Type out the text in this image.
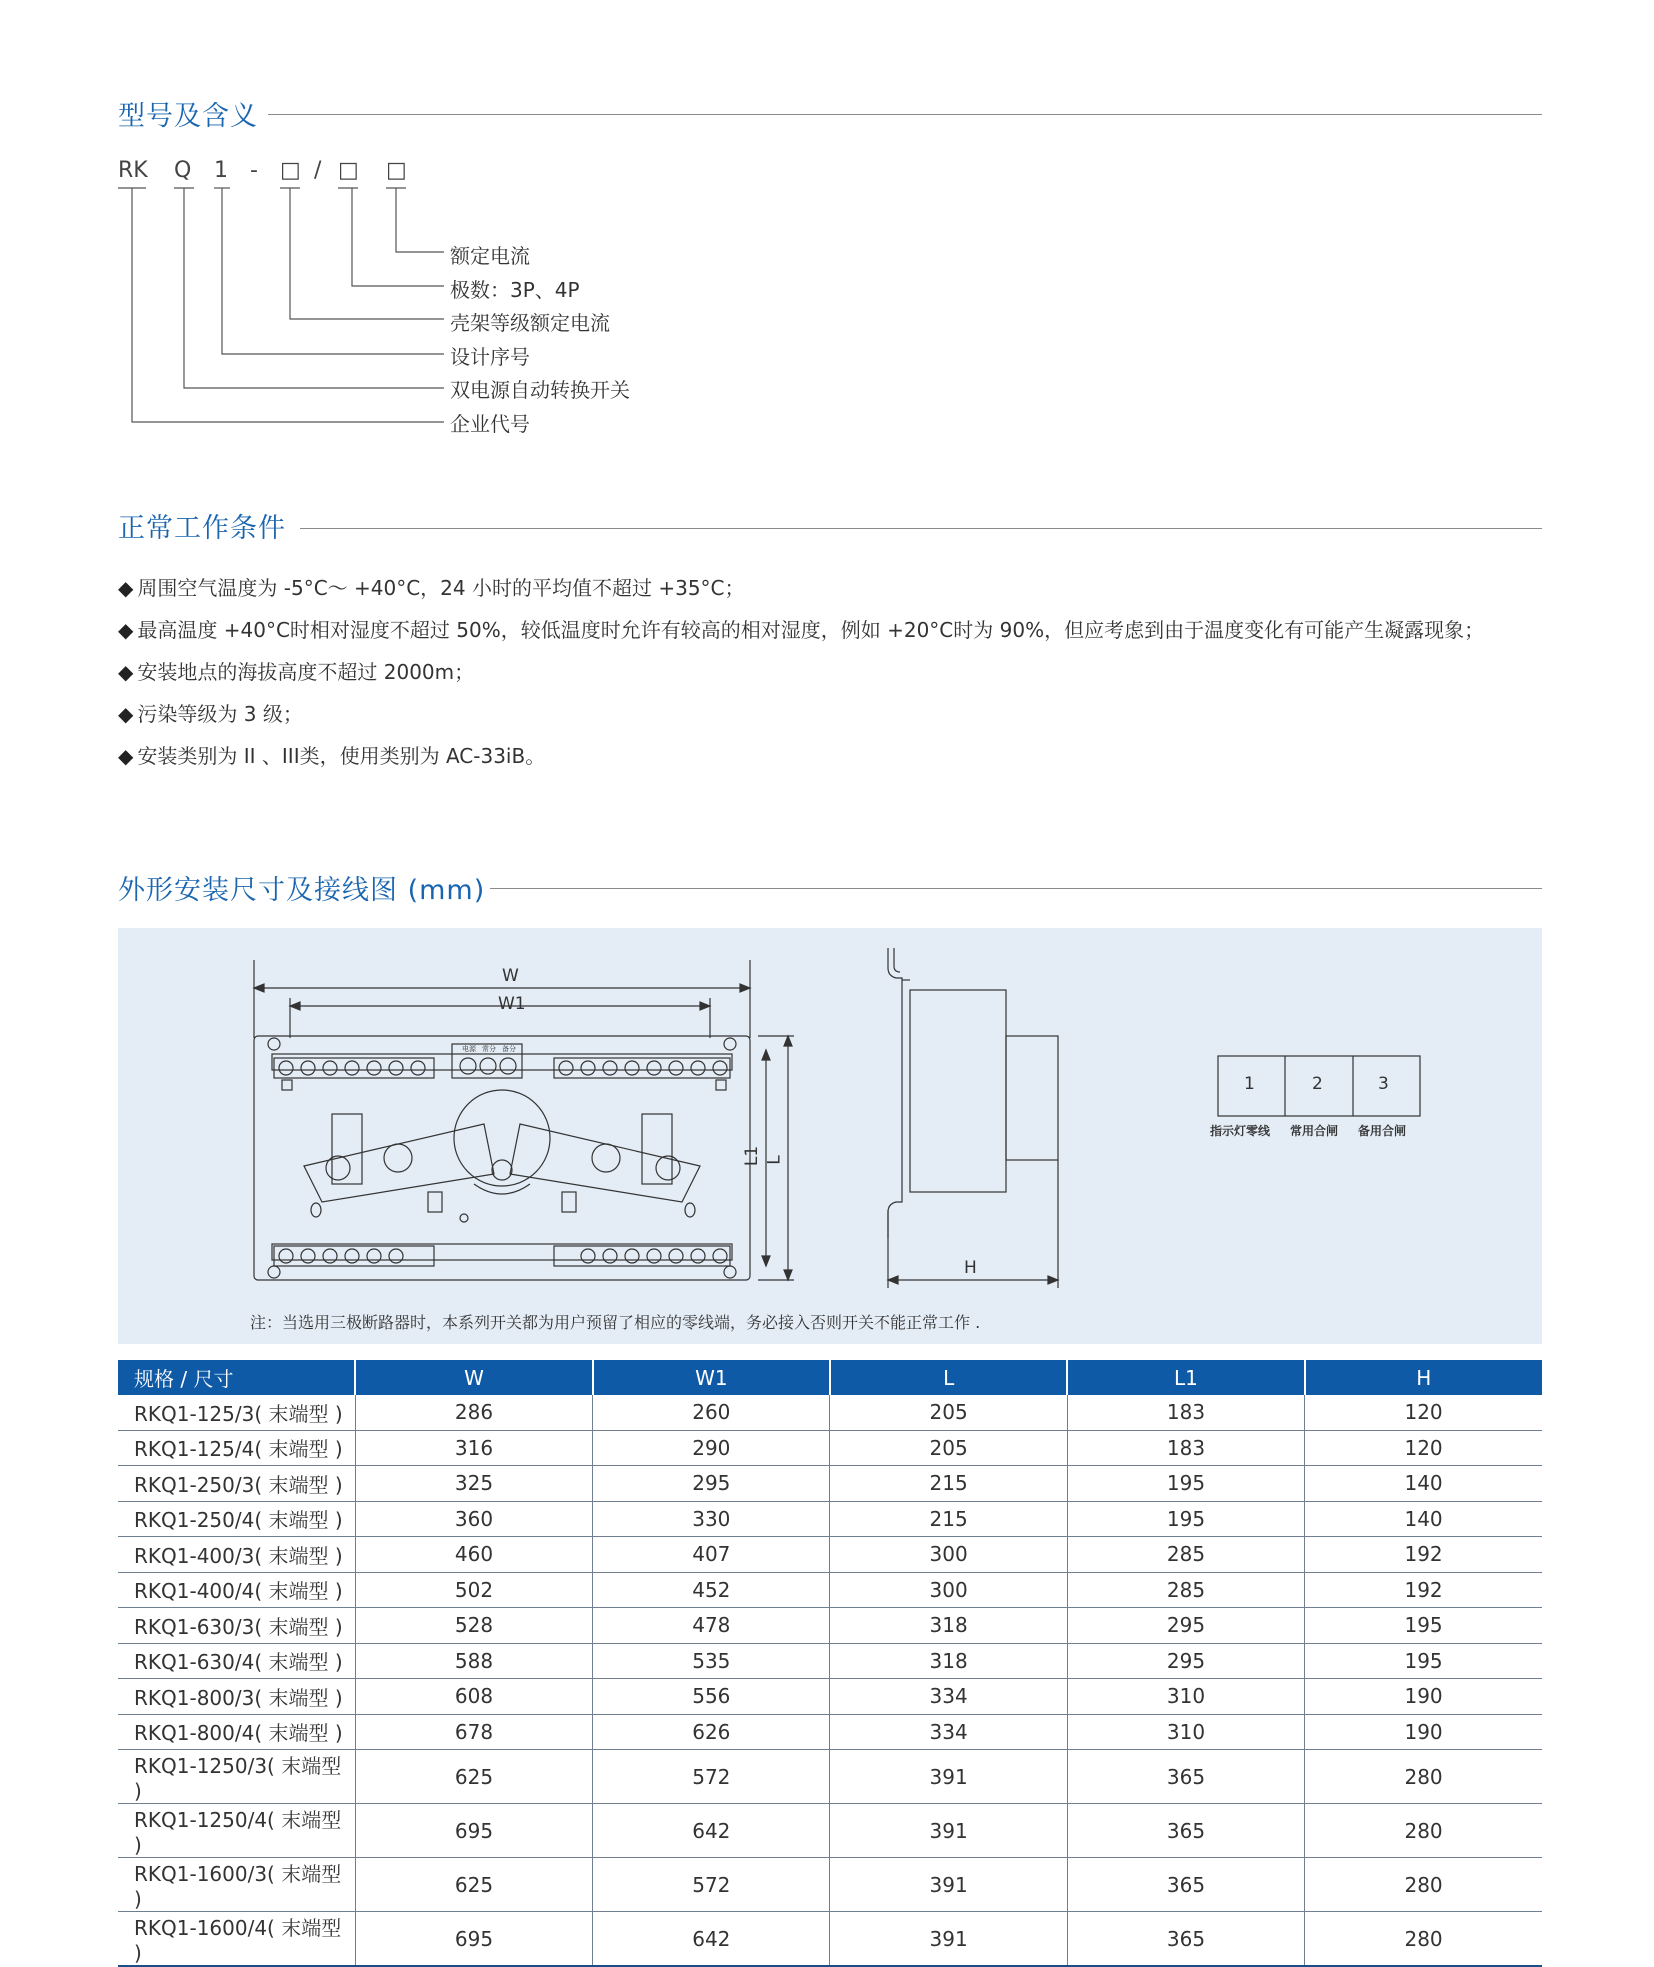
型号及含义
RK Q 1 - □ / □ □
额定电流
极数：3P、4P
壳架等级额定电流
设计序号
双电源自动转换开关
企业代号
正常工作条件
◆ 周围空气温度为 -5°C～ +40°C，24 小时的平均值不超过 +35°C；
◆ 最高温度 +40°C时相对湿度不超过 50%，较低温度时允许有较高的相对湿度，例如 +20°C时为 90%，但应考虑到由于温度变化有可能产生凝露现象；
◆ 安装地点的海拔高度不超过 2000m；
◆ 污染等级为 3 级；
◆ 安装类别为 II 、III类，使用类别为 AC-33iB。
外形安装尺寸及接线图 (mm)
W
W1
L1 L
电源 常分 备分
H
1	2	3
指示灯零线 常用合闸 备用合闸
注：当选用三极断路器时，本系列开关都为用户预留了相应的零线端，务必接入否则开关不能正常工作 .
规格 / 尺寸	W	W1	L	L1	H
RKQ1-125/3( 末端型 )	286	260	205	183	120
RKQ1-125/4( 末端型 )	316	290	205	183	120
RKQ1-250/3( 末端型 )	325	295	215	195	140
RKQ1-250/4( 末端型 )	360	330	215	195	140
RKQ1-400/3( 末端型 )	460	407	300	285	192
RKQ1-400/4( 末端型 )	502	452	300	285	192
RKQ1-630/3( 末端型 )	528	478	318	295	195
RKQ1-630/4( 末端型 )	588	535	318	295	195
RKQ1-800/3( 末端型 )	608	556	334	310	190
RKQ1-800/4( 末端型 )	678	626	334	310	190
RKQ1-1250/3( 末端型 )	625	572	391	365	280
RKQ1-1250/4( 末端型 )	695	642	391	365	280
RKQ1-1600/3( 末端型 )	625	572	391	365	280
RKQ1-1600/4( 末端型 )	695	642	391	365	280
